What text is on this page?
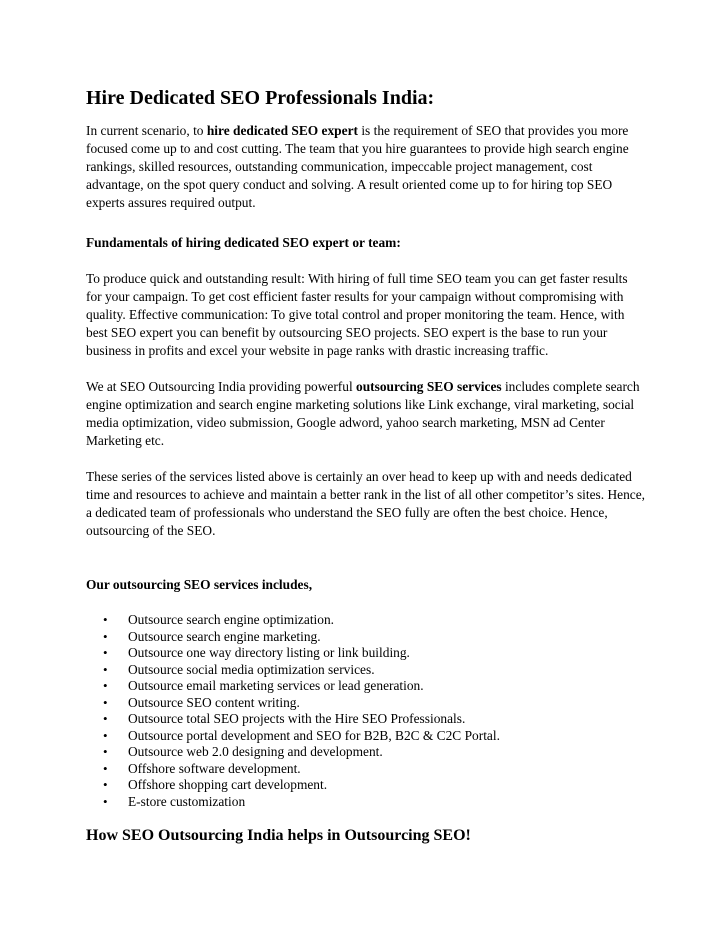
Hire Dedicated SEO Professionals India:

In current scenario, to hire dedicated SEO expert is the requirement of SEO that provides you more focused come up to and cost cutting. The team that you hire guarantees to provide high search engine rankings, skilled resources, outstanding communication, impeccable project management, cost advantage, on the spot query conduct and solving. A result oriented come up to for hiring top SEO experts assures required output.

Fundamentals of hiring dedicated SEO expert or team:

To produce quick and outstanding result: With hiring of full time SEO team you can get faster results for your campaign. To get cost efficient faster results for your campaign without compromising with quality. Effective communication: To give total control and proper monitoring the team. Hence, with best SEO expert you can benefit by outsourcing SEO projects. SEO expert is the base to run your business in profits and excel your website in page ranks with drastic increasing traffic.

We at SEO Outsourcing India providing powerful outsourcing SEO services includes complete search engine optimization and search engine marketing solutions like Link exchange, viral marketing, social media optimization, video submission, Google adword, yahoo search marketing, MSN ad Center Marketing etc.

These series of the services listed above is certainly an over head to keep up with and needs dedicated time and resources to achieve and maintain a better rank in the list of all other competitor’s sites. Hence, a dedicated team of professionals who understand the SEO fully are often the best choice. Hence, outsourcing of the SEO.

Our outsourcing SEO services includes,

• Outsource search engine optimization.
• Outsource search engine marketing.
• Outsource one way directory listing or link building.
• Outsource social media optimization services.
• Outsource email marketing services or lead generation.
• Outsource SEO content writing.
• Outsource total SEO projects with the Hire SEO Professionals.
• Outsource portal development and SEO for B2B, B2C & C2C Portal.
• Outsource web 2.0 designing and development.
• Offshore software development.
• Offshore shopping cart development.
• E-store customization
How SEO Outsourcing India helps in Outsourcing SEO!
